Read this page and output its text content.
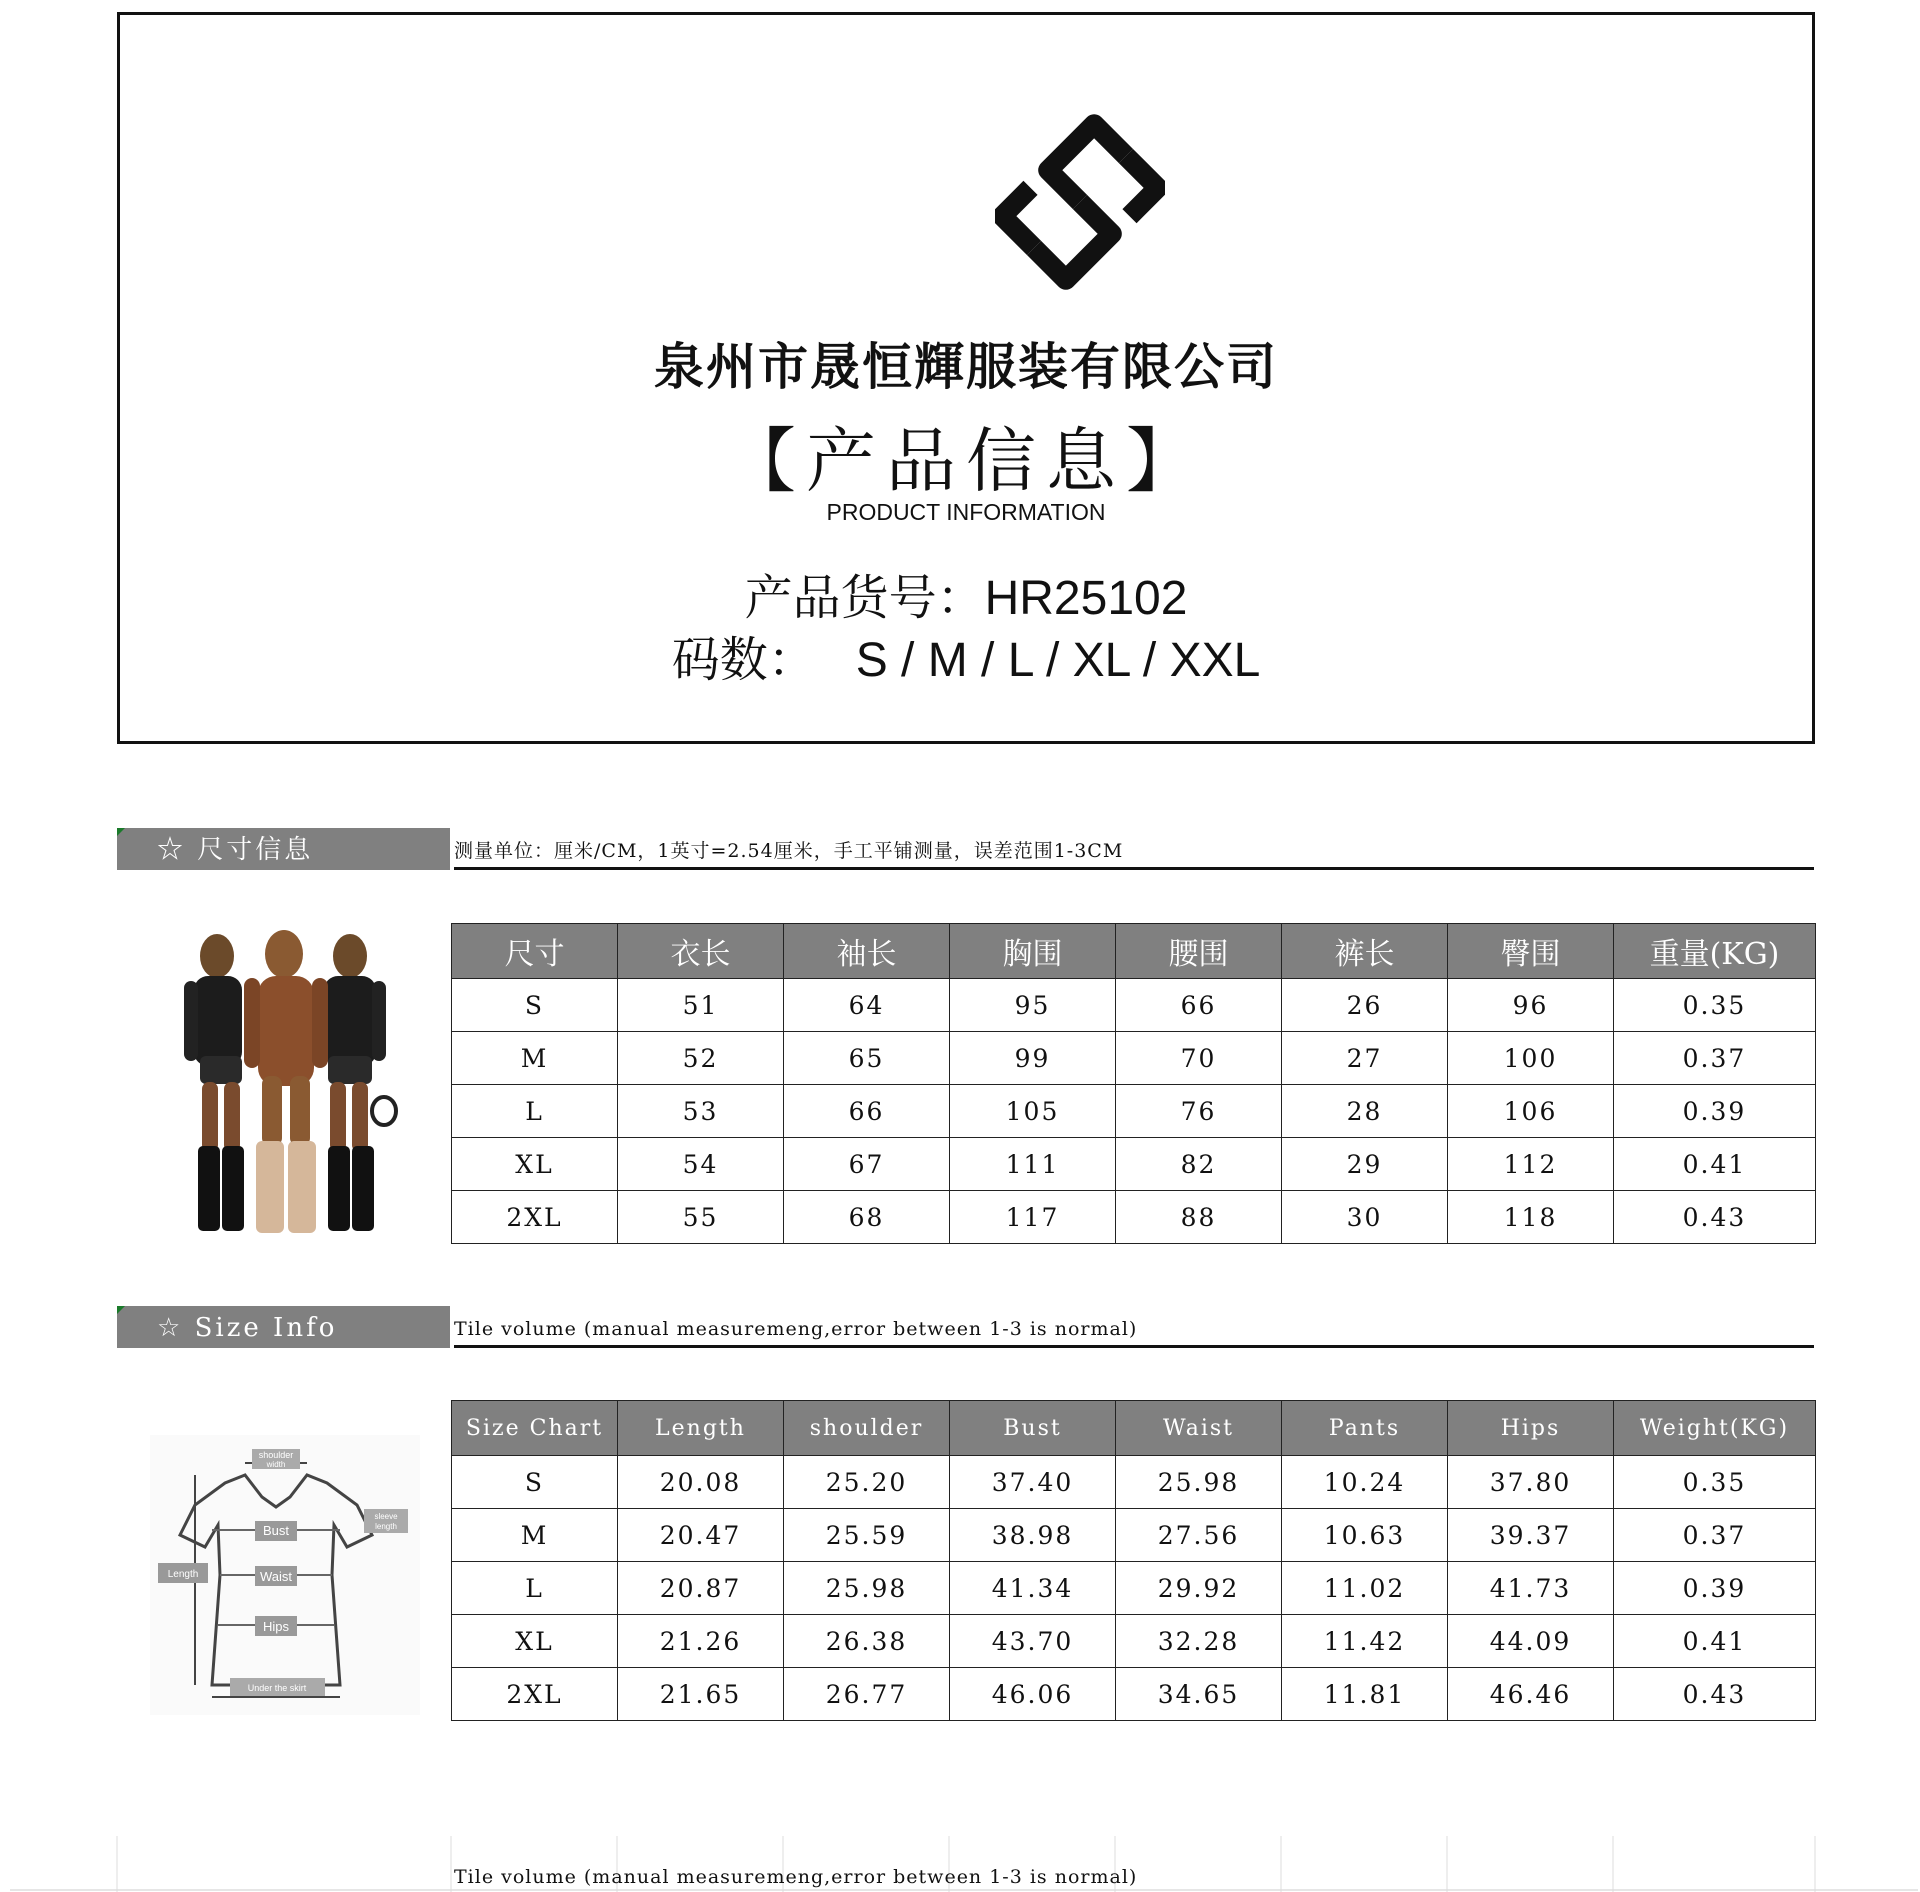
泉州市晟恒輝服装有限公司
【产品信息】
PRODUCT INFORMATION
产品货号：HR25102
码数：   S / M / L / XL / XXL
☆ 尺寸信息	测量单位：厘米/CM，1英寸=2.54厘米，手工平铺测量，误差范围1-3CM
尺寸	衣长	袖长	胸围	腰围	裤长	臀围	重量(KG)
S	51	64	95	66	26	96	0.35
M	52	65	99	70	27	100	0.37
L	53	66	105	76	28	106	0.39
XL	54	67	111	82	29	112	0.41
2XL	55	68	117	88	30	118	0.43
☆ Size Info	Tile volume (manual measuremeng,error between 1-3 is normal)
shoulder
width
sleeve
length
Bust
Waist
Hips
Length
Under the skirt
Size Chart	Length	shoulder	Bust	Waist	Pants	Hips	Weight(KG)
S	20.08	25.20	37.40	25.98	10.24	37.80	0.35
M	20.47	25.59	38.98	27.56	10.63	39.37	0.37
L	20.87	25.98	41.34	29.92	11.02	41.73	0.39
XL	21.26	26.38	43.70	32.28	11.42	44.09	0.41
2XL	21.65	26.77	46.06	34.65	11.81	46.46	0.43
Tile volume (manual measuremeng,error between 1-3 is normal)
